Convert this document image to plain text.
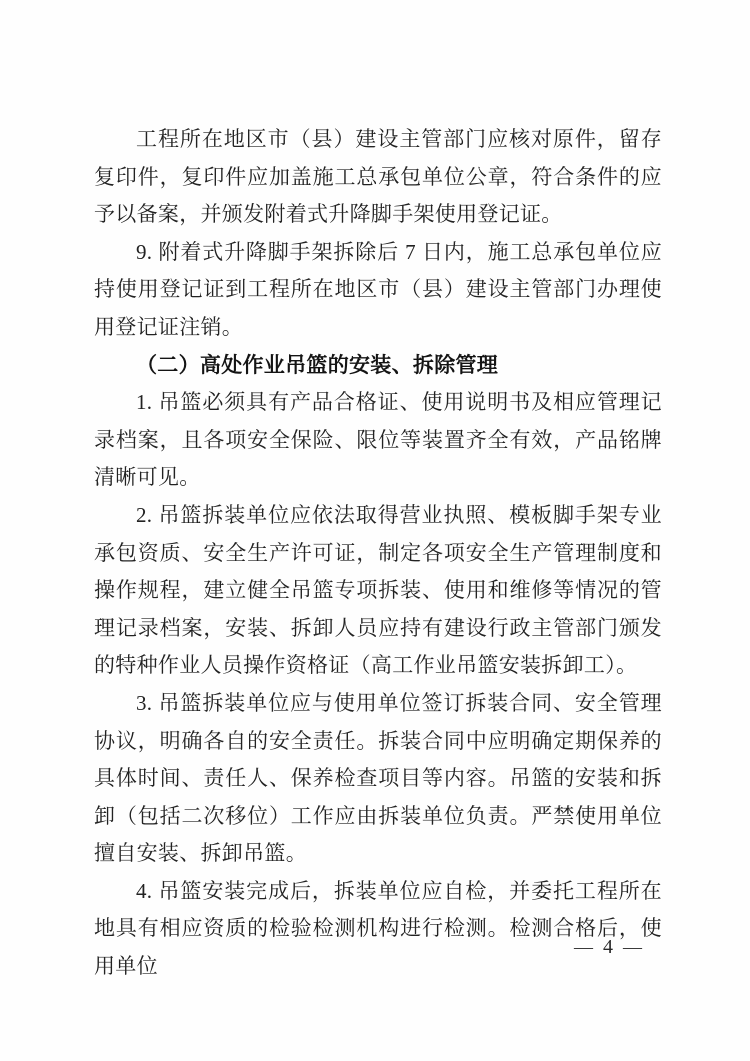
工程所在地区市（县）建设主管部门应核对原件，留存复印件，复印件应加盖施工总承包单位公章，符合条件的应予以备案，并颁发附着式升降脚手架使用登记证。

9. 附着式升降脚手架拆除后 7 日内，施工总承包单位应持使用登记证到工程所在地区市（县）建设主管部门办理使用登记证注销。

（二）高处作业吊篮的安装、拆除管理

1. 吊篮必须具有产品合格证、使用说明书及相应管理记录档案，且各项安全保险、限位等装置齐全有效，产品铭牌清晰可见。

2. 吊篮拆装单位应依法取得营业执照、模板脚手架专业承包资质、安全生产许可证，制定各项安全生产管理制度和操作规程，建立健全吊篮专项拆装、使用和维修等情况的管理记录档案，安装、拆卸人员应持有建设行政主管部门颁发的特种作业人员操作资格证（高工作业吊篮安装拆卸工）。

3. 吊篮拆装单位应与使用单位签订拆装合同、安全管理协议，明确各自的安全责任。拆装合同中应明确定期保养的具体时间、责任人、保养检查项目等内容。吊篮的安装和拆卸（包括二次移位）工作应由拆装单位负责。严禁使用单位擅自安装、拆卸吊篮。

4. 吊篮安装完成后，拆装单位应自检，并委托工程所在地具有相应资质的检验检测机构进行检测。检测合格后，使用单位

— 4 —
